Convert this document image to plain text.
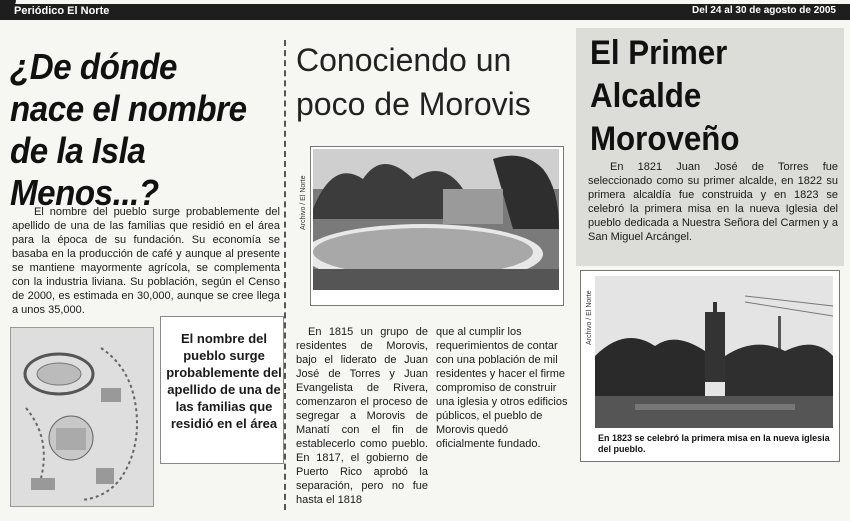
Periódico El Norte	Del 24 al 30 de agosto de 2005
¿De dónde nace el nombre de la Isla Menos...?
El nombre del pueblo surge probablemente del apellido de una de las familias que residió en el área para la época de su fundación. Su economía se basaba en la producción de café y aunque al presente se mantiene mayormente agrícola, se complementa con la industria liviana. Su población, según el Censo de 2000, es estimada en 30,000, aunque se cree llega a unos 35,000.
El nombre del pueblo surge probablemente del apellido de una de las familias que residió en el área
Conociendo un poco de Morovis
Archivo / El Norte
Morovis quedó oficialmente fundado en el 1818.
En 1815 un grupo de residentes de Morovis, bajo el liderato de Juan José de Torres y Juan Evangelista de Rivera, comenzaron el proceso de segregar a Morovis de Manatí con el fin de establecerlo como pueblo. En 1817, el gobierno de Puerto Rico aprobó la separación, pero no fue hasta el 1818
que al cumplir los requerimientos de contar con una población de mil residentes y hacer el firme compromiso de construir una iglesia y otros edificios públicos, el pueblo de Morovis quedó oficialmente fundado.
El Primer Alcalde Moroveño
En 1821 Juan José de Torres fue seleccionado como su primer alcalde, en 1822 su primera alcaldía fue construida y en 1823 se celebró la primera misa en la nueva Iglesia del pueblo dedicada a Nuestra Señora del Carmen y a San Miguel Arcángel.
Archivo / El Norte
En 1823 se celebró la primera misa en la nueva iglesia del pueblo.
